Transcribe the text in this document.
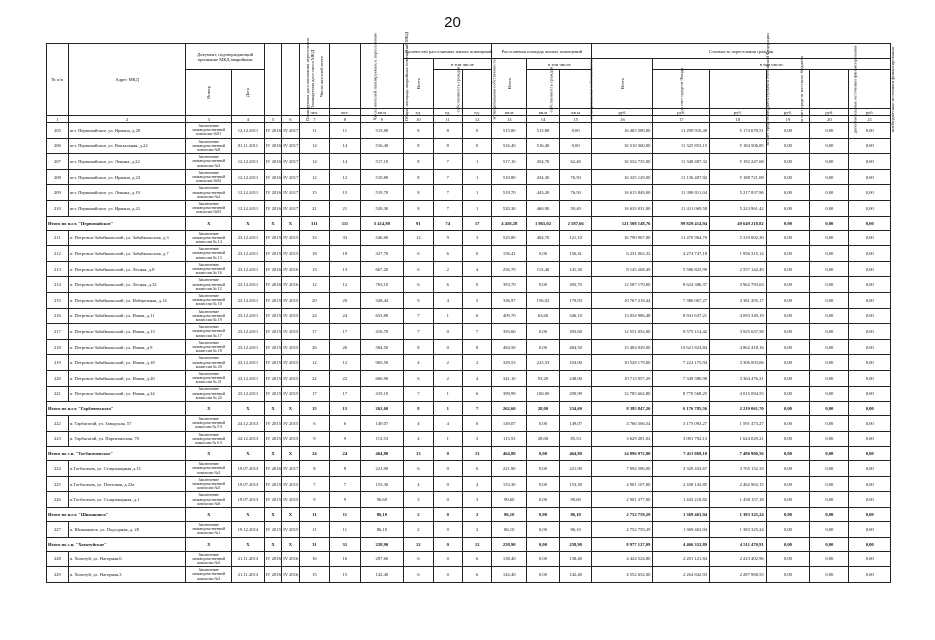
20
№ п/п	Адрес МКД	Документ, подтверждающий признание МКД аварийным		Планируемая дата окончания переселения	Планируемая дата сноса МКД	Число жителей всего	Число жителей планируемых к переселению	Общая площадь аварийных помещений МКД	Количество расселяемых жилых помещений			Расселяемая площадь жилых помещений			Стоимость переселения граждан					
									Всего	в том числе		Всего	в том числе		Всего	в том числе:				
		Номер	Дата							собственность граждан	муниципальная собственность		собственность граждан	муниципальная собственность		за счет средств Фонда	за счет средств бюджета субъекта Российской Федерации	за счет средств местного бюджета	дополнительные источники финансирования	внебюджетные источники финансирования
						чел.	чел.	кв.м	ед.	ед.	ед.	кв.м	кв.м	кв.м	руб.	руб.	руб.	руб.	руб.	руб.
1	2	3	4	5	6	7	8	9	10	11	12	13	14	15	16	17	18	19	20	21
205	пгт. Первомайское, ул. Ирмана, д.20	Заключение межведомственной комиссии №91	12.12.2011	IV 2016	IV 2017	11	11	515,80	8	8	0	515,80	515,80	0,00	16 465 589,00	11 290 910,49	5 174 678,51	0,00	0,00	0,00
206	пгт. Первомайское, ул. Вокзальная, д.22	Заключение межведомственной комиссии №8	01.11.2011	IV 2016	IV 2017	14	14	516,40	8	8	0	516,40	516,40	0,00	16 510 360,00	11 325 853,15	5 184 506,85	0,00	0,00	0,00
207	пгт. Первомайское, ул. Ленина, д.22	Заключение межведомственной комиссии №3	12.12.2011	IV 2016	IV 2017	14	14	517,10	8	7	1	517,10	454,70	62,40	16 532 735,00	11 340 487,32	5 192 247,68	0,00	0,00	0,00
208	пгт. Первомайское, ул. Ирмана, д.23	Заключение межведомственной комиссии №92	12.12.2011	IV 2016	IV 2017	12	12	510,80	8	7	1	510,80	434,30	76,50	16 325 129,00	11 136 407,92	5 188 721,08	0,00	0,00	0,00
209	пгт. Первомайское, ул. Ленина, д.19	Заключение межведомственной комиссии №2	12.12.2011	IV 2016	IV 2017	15	15	519,70	8	7	1	519,70	443,20	76,50	16 615 849,00	11 398 011,04	5 217 837,96	0,00	0,00	0,00
210	пгт. Первомайское, ул. Ирмана, д.21	Заключение межведомственной комиссии №93	12.12.2011	IV 2016	IV 2017	21	21	520,30	8	7	1	520,30	460,90	59,40	16 635 031,00	11 411 069,58	5 223 961,42	0,00	0,00	0,00
Итого по п.г.т. "Первомайское"		X	X	X	X	311	311	5 414,80	91	74	17	4 458,28	1 865,02	2 587,66	121 508 148,76	99 829 414,94	49 649 218,82	0,00	0,00	0,00
211	п. Петровск-Забайкальский, ул. Забайкальская, д.3	Заключение межведомственной комиссии № 14	23.12.2011	IV 2015	IV 2015	33	33	546,60	12	9	3	525,80	404,70	121,10	16 790 967,00	11 470 964,70	5 319 002,30	0,00	0,00	0,00
212	п. Петровск-Забайкальский, ул. Забайкальская, д.7	Заключение межведомственной комиссии № 13	23.12.2011	IV 2015	IV 2015	18	18	327,76	6	6	0	156,41	0,00	156,41	6 231 062,32	4 274 747,18	1 956 315,14	0,00	0,00	0,00
213	п. Петровск-Забайкальский, ул. Лесная, д.8	Заключение межведомственной комиссии № 16	23.12.2011	IV 2016	IV 2016	13	13	667,20	6	2	4	256,70	113,40	141,30	8 145 268,49	5 586 825,99	2 557 142,49	0,00	0,00	0,00
214	п. Петровск-Забайкальский, ул. Лесная, д.32	Заключение межведомственной комиссии № 12	23.12.2011	IV 2016	IV 2016	12	12	763,10	6	6	0	393,70	0,00	393,70	12 587 170,00	8 624 386,37	3 962 783,63	0,00	0,00	0,00
215	п. Петровск-Забайкальский, ул. Набережная, д.14	Заключение межведомственной комиссии № 10	23.12.2011	IV 2015	IV 2015	20	20	328,44	9	4	5	336,97	156,02	179,93	10 767 218,44	7 386 067,27	3 381 205,17	0,00	0,00	0,00
216	п. Петровск-Забайкальский, ул. Новая, д.11	Заключение межведомственной комиссии № 19	23.12.2011	IV 2015	IV 2015	24	24	653,80	7	1	6	409,70	63,60	346,10	13 034 986,48	8 941 637,21	4 093 349,19	0,00	0,00	0,00
217	п. Петровск-Забайкальский, ул. Новая, д.13	Заключение межведомственной комиссии № 17	23.12.2011	IV 2015	IV 2015	17	17	416,70	7	0	7	393,60	0,00	393,60	12 551 052,00	8 575 114,42	3 925 637,58	0,00	0,00	0,00
218	п. Петровск-Забайкальский, ул. Новая, д.9	Заключение межведомственной комиссии № 18	23.12.2011	IV 2015	IV 2015	26	26	584,50	8	0	8	484,50	0,00	484,50	15 484 029,00	10 621 824,84	4 862 418,16	0,00	0,00	0,00
219	п. Петровск-Забайкальский, ул. Новая, д.18	Заключение межведомственной комиссии № 20	23.12.2011	IV 2015	IV 2015	12	12	965,50	4	2	2	329,53	225,53	104,00	10 528 179,00	7 222 175,94	3 306 003,06	0,00	0,00	0,00
220	п. Петровск-Забайкальский, ул. Новая, д.20	Заключение межведомственной комиссии № 21	23.12.2011	IV 2015	IV 2015	22	22	666,90	6	2	4	341,10	93,20	248,00	10 713 957,29	7 349 380,98	3 364 476,31	0,00	0,00	0,00
221	п. Петровск-Забайкальский, ул. Новая, д.24	Заключение межведомственной комиссии № 22	23.12.2011	IV 2015	IV 2015	17	17	419,10	7	1	6	399,99	100,00	299,99	12 785 662,80	8 770 568,25	4 015 094,55	0,00	0,00	0,00
Итого по п.г.т. "Горбачевского"		X	X	X	X	15	15	262,60	8	1	7	262,60	28,00	234,60	8 395 847,26	6 176 785,56	2 219 061,70	0,00	0,00	0,00
222	п. Тарбагатай, ул. Заводская, 57	Заключение межведомственной комиссии № 5 б	24.12.2013	IV 2015	IV 2015	6	6	149,07	4	4	0	149,07	0,00	149,07	4 766 566,54	3 175 093,27	1 591 473,27	0,00	0,00	0,00
223	п. Тарбагатай, ул. Партизанская, 70	Заключение межведомственной комиссии № 6 б	24.12.2013	IV 2015	IV 2015	9	9	113,53	4	1	3	113,53	28,00	85,53	3 629 281,02	3 001 792,13	1 624 029,21	0,00	0,00	0,00
Итого по с.п. "Тогбагачевское"		X	X	X	X	24	24	464,80	13	0	13	464,80	0,00	464,80	14 896 972,00	7 411 069,10	7 486 906,56	0,00	0,00	0,00
224	п.Тогбагачев, ул. Стационарная д.13	Заключение межведомственной комиссии №3	19.07.2013	IV 2016	IV 2017	8	8	221,90	6	0	6	221,90	0,00	221,90	7 094 586,00	3 329 433,67	3 765 152,33	0,00	0,00	0,00
225	п.Тогбагачев, ул. Почтовая, д.23а	Заключение межведомственной комиссии №5	19.07.2013	IV 2015	IV 2015	7	7	153,30	4	0	4	153,30	0,00	153,30	4 901 107,00	2 438 143,85	2 462 963,15	0,00	0,00	0,00
226	п.Тогбагачев, ул. Стационарная, д.1	Заключение межведомственной комиссии №6	19.07.2013	IV 2015	IV 2015	9	9	90,60	3	0	3	90,60	0,00	90,60	2 901 377,00	1 443 218,82	1 458 157,18	0,00	0,00	0,00
Итого по п.г.т. "Шимановск"		X	X	X	X	11	11	86,10	2	0	2	86,10	0,00	86,10	2 752 759,29	1 369 463,94	1 383 325,24	0,00	0,00	0,00
227	п. Шимановск, ул. Подгорная, д. 28	Заключение межведомственной комиссии №1	19.12.2014	IV 2015	IV 2015	11	11	86,10	2	0	2	86,10	0,00	86,10	2 752 759,29	1 369 463,94	1 383 325,24	0,00	0,00	0,00
Итого по с.п. "Хохотуйское"		X	X	X	X	31	31	258,90	12	0	12	258,90	0,00	258,90	8 977 127,09	4 466 352,89	4 511 470,91	0,00	0,00	0,00
228	п. Хохотуй, ул. Нагорная,6	Заключение межведомственной комиссии №5	21.11.2013	IV 2016	IV 2016	16	16	297,60	6	0	6	138,40	0,00	138,40	4 424 524,80	2 201 121,84	2 223 402,96	0,00	0,00	0,00
229	п. Хохотуй, ул. Нагорная,3	Заключение межведомственной комиссии №3	21.11.2013	IV 2016	IV 2016	15	15	142,40	6	0	6	142,40	0,00	142,40	4 552 652,00	2 264 842,93	2 287 968,55	0,00	0,00	0,00
